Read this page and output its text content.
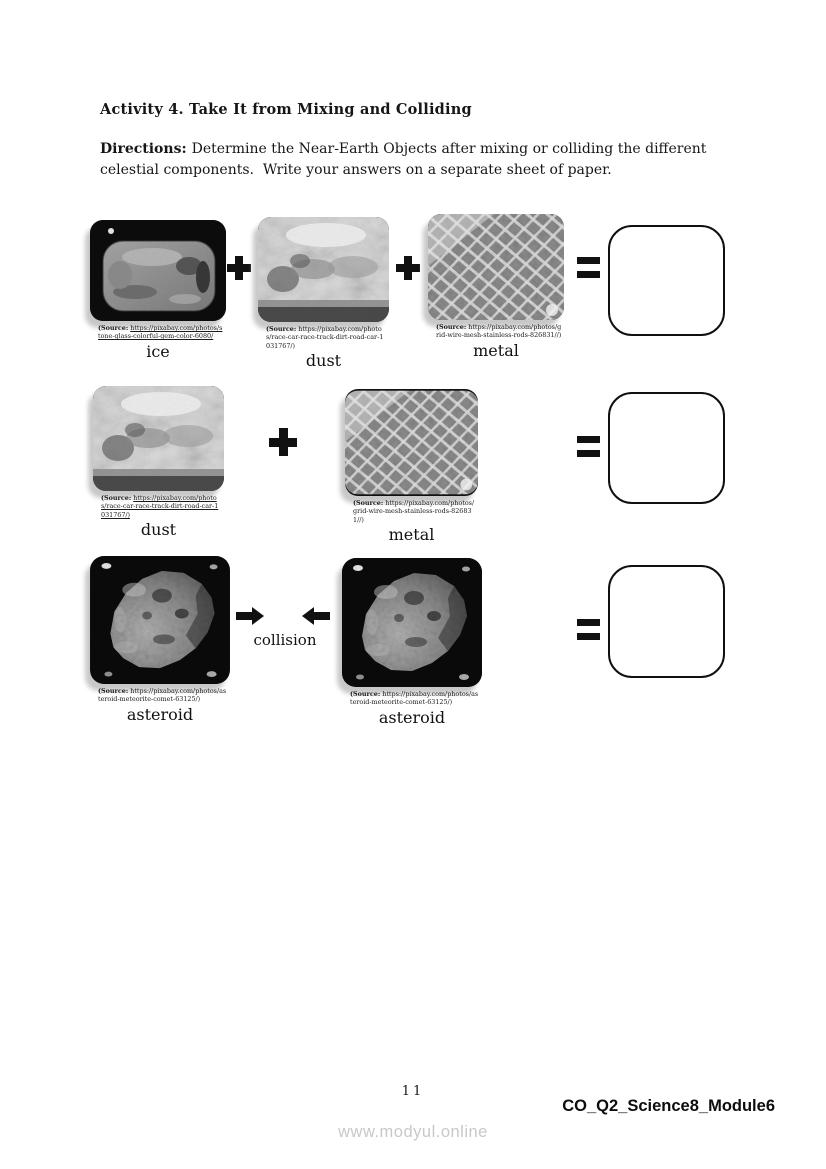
Activity 4. Take It from Mixing and Colliding
Directions: Determine the Near-Earth Objects after mixing or colliding the different celestial components.  Write your answers on a separate sheet of paper.
(Source: https://pixabay.com/photos/stone-glass-colorful-gem-color-6080/
ice
(Source: https://pixabay.com/photos/race-car-race-track-dirt-road-car-1031767/)
dust
(Source: https://pixabay.com/photos/grid-wire-mesh-stainless-rods-826831//)
metal
(Source: https://pixabay.com/photos/race-car-race-track-dirt-road-car-1031767/)
dust
(Source: https://pixabay.com/photos/grid-wire-mesh-stainless-rods-826831//)
metal
(Source: https://pixabay.com/photos/asteroid-meteorite-comet-63125/)
asteroid
collision
(Source: https://pixabay.com/photos/asteroid-meteorite-comet-63125/)
asteroid
11
CO_Q2_Science8_Module6
www.modyul.online
